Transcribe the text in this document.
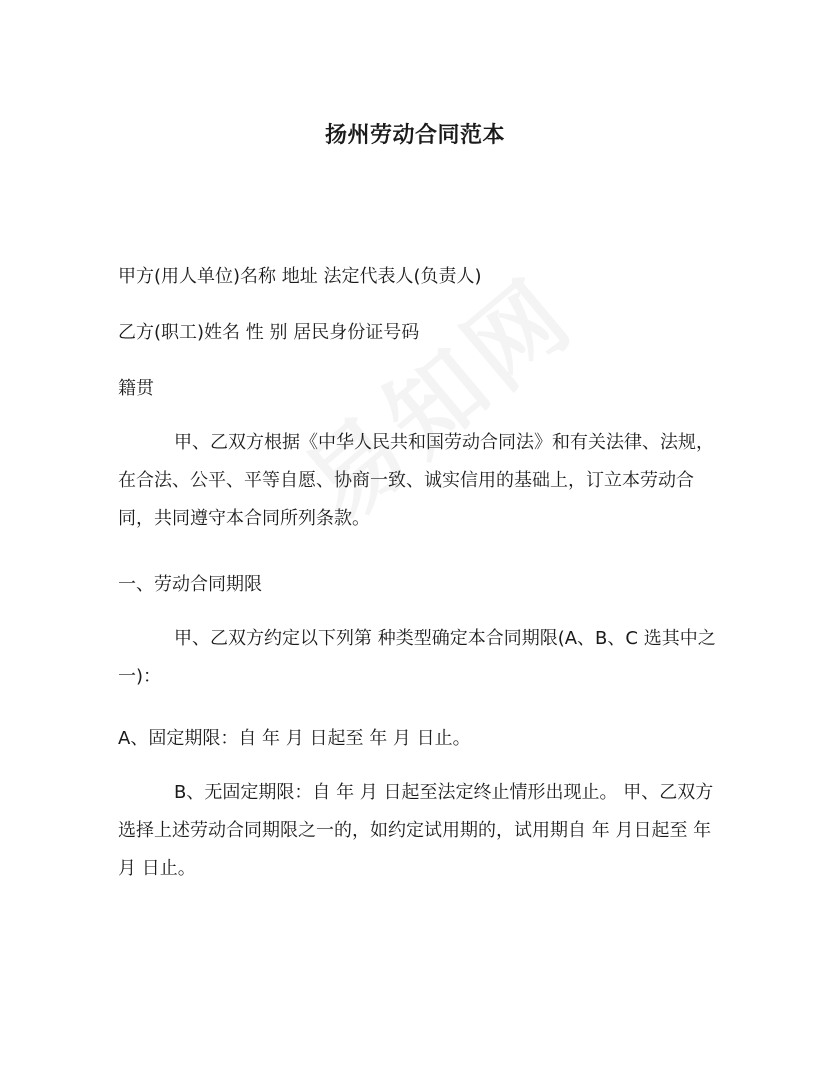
扬州劳动合同范本

甲方(用人单位)名称 地址 法定代表人(负责人)

乙方(职工)姓名 性 别 居民身份证号码

籍贯

甲、乙双方根据《中华人民共和国劳动合同法》和有关法律、法规，在合法、公平、平等自愿、协商一致、诚实信用的基础上，订立本劳动合同，共同遵守本合同所列条款。

一、劳动合同期限

甲、乙双方约定以下列第 种类型确定本合同期限(A、B、C 选其中之一)：

A、固定期限：自 年 月 日起至 年 月 日止。

B、无固定期限：自 年 月 日起至法定终止情形出现止。 甲、乙双方选择上述劳动合同期限之一的，如约定试用期的，试用期自 年 月日起至 年 月 日止。
